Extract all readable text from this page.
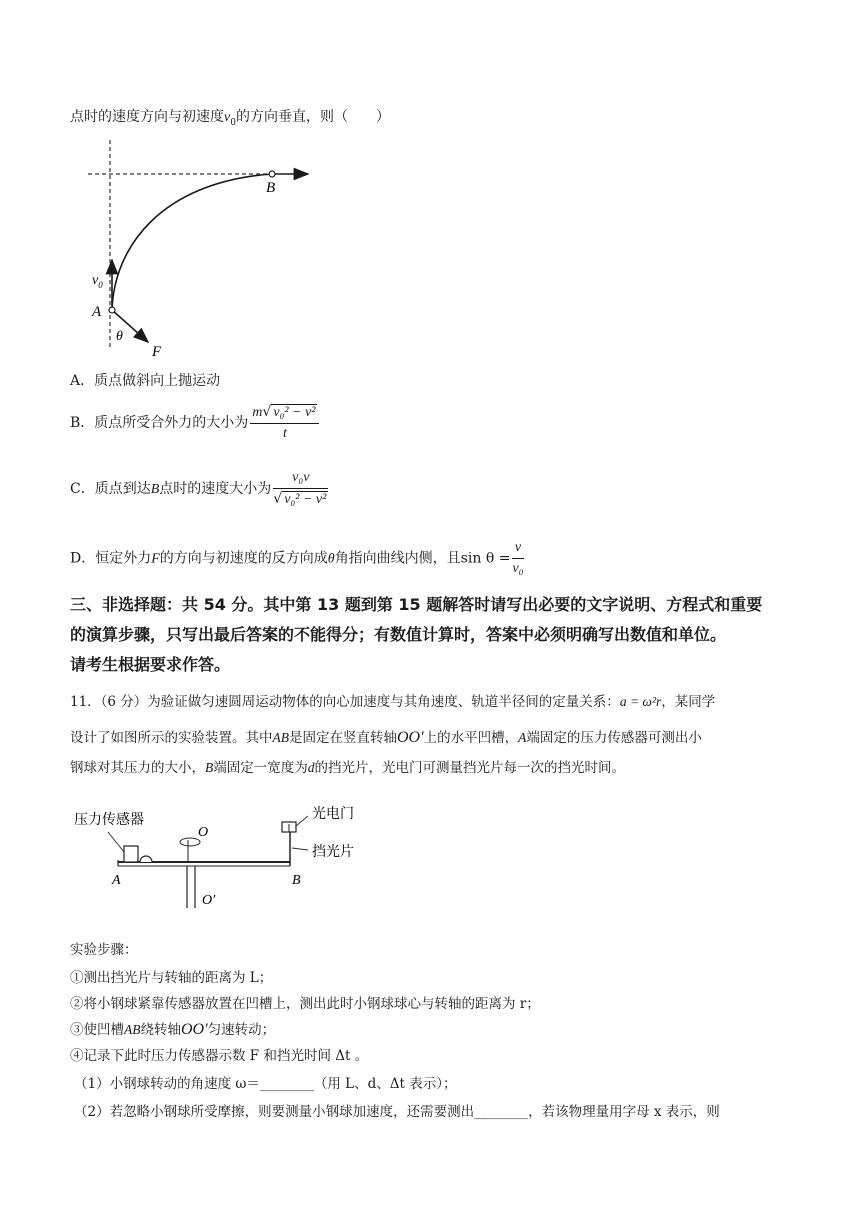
点时的速度方向与初速度$v_0$的方向垂直，则（　　）
B
A
$v_0$
θ
F
A．质点做斜向上抛运动
B．质点所受合外力的大小为 $\frac{\text{m√ v₀² − v²}}{t}$
C．质点到达B点时的速度大小为 $\frac{\text{v₀v}}{\text{√ v₀² − v²}}$
D．恒定外力F的方向与初速度的反方向成θ角指向曲线内侧，且$\sin \theta = \frac{v}{\text{v₀}}$
三、非选择题：共 54 分。其中第 13 题到第 15 题解答时请写出必要的文字说明、方程式和重要
的演算步骤，只写出最后答案的不能得分；有数值计算时，答案中必须明确写出数值和单位。
请考生根据要求作答。
11．（6 分）为验证做匀速圆周运动物体的向心加速度与其角速度、轨道半径间的定量关系：a = ω²r，某同学
设计了如图所示的实验装置。其中AB是固定在竖直转轴OO′上的水平凹槽，A端固定的压力传感器可测出小
钢球对其压力的大小，B端固定一宽度为d的挡光片，光电门可测量挡光片每一次的挡光时间。
压力传感器
O
O′
光电门
挡光片
A	B
实验步骤：
①测出挡光片与转轴的距离为 L；
②将小钢球紧靠传感器放置在凹槽上，测出此时小钢球球心与转轴的距离为 r；
③使凹槽AB绕转轴OO′匀速转动；
④记录下此时压力传感器示数 F 和挡光时间 Δt 。
（1）小钢球转动的角速度 ω＝________（用 L、d、Δt 表示）；
（2）若忽略小钢球所受摩擦，则要测量小钢球加速度，还需要测出________，若该物理量用字母 x 表示，则
